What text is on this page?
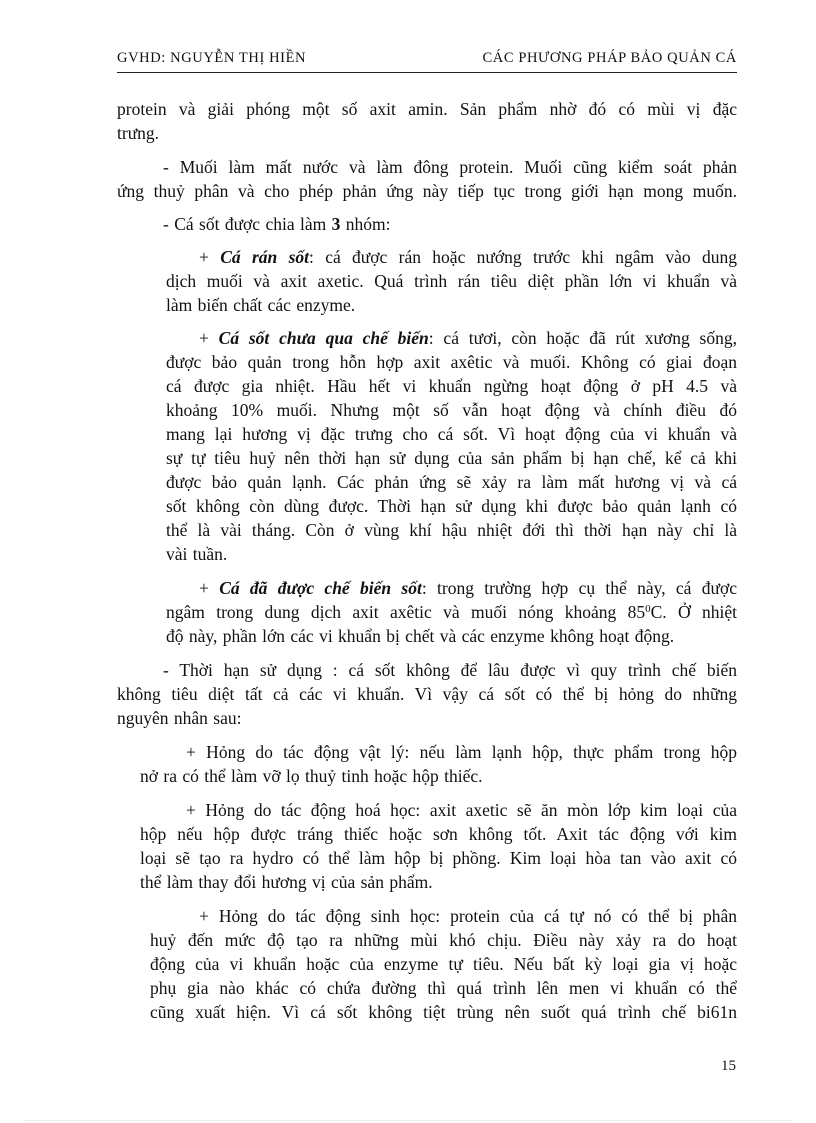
GVHD: NGUYỄN THỊ HIỀN	CÁC PHƯƠNG PHÁP BẢO QUẢN CÁ
protein và giải phóng một số axit amin. Sản phẩm nhờ đó có mùi vị đặc
trưng.
- Muối làm mất nước và làm đông protein. Muối cũng kiểm soát phản
ứng thuỷ phân và cho phép phản ứng này tiếp tục trong giới hạn mong muốn.
- Cá sốt được chia làm 3 nhóm:
+ Cá rán sốt: cá được rán hoặc nướng trước khi ngâm vào dung
dịch muối và axit axetic. Quá trình rán tiêu diệt phần lớn vi khuẩn và
làm biến chất các enzyme.
+ Cá sốt chưa qua chế biến: cá tươi, còn hoặc đã rút xương sống,
được bảo quản trong hỗn hợp axit axêtic và muối. Không có giai đoạn
cá được gia nhiệt. Hầu hết vi khuẩn ngừng hoạt động ở pH 4.5 và
khoảng 10% muối. Nhưng một số vẫn hoạt động và chính điều đó
mang lại hương vị đặc trưng cho cá sốt. Vì hoạt động của vi khuẩn và
sự tự tiêu huỷ nên thời hạn sử dụng của sản phẩm bị hạn chế, kể cả khi
được bảo quản lạnh. Các phản ứng sẽ xảy ra làm mất hương vị và cá
sốt không còn dùng được. Thời hạn sử dụng khi được bảo quản lạnh có
thể là vài tháng. Còn ở vùng khí hậu nhiệt đới thì thời hạn này chỉ là
vài tuần.
+ Cá đã được chế biến sốt: trong trường hợp cụ thể này, cá được
ngâm trong dung dịch axit axêtic và muối nóng khoảng $85^0C$. Ở nhiệt
độ này, phần lớn các vi khuẩn bị chết và các enzyme không hoạt động.
- Thời hạn sử dụng : cá sốt không để lâu được vì quy trình chế biến
không tiêu diệt tất cả các vi khuẩn. Vì vậy cá sốt có thể bị hỏng do những
nguyên nhân sau:
+ Hỏng do tác động vật lý: nếu làm lạnh hộp, thực phẩm trong hộp
nở ra có thể làm vỡ lọ thuỷ tinh hoặc hộp thiếc.
+ Hỏng do tác động hoá học: axit axetic sẽ ăn mòn lớp kim loại của
hộp nếu hộp được tráng thiếc hoặc sơn không tốt. Axit tác động với kim
loại sẽ tạo ra hydro có thể làm hộp bị phồng. Kim loại hòa tan vào axit có
thể làm thay đổi hương vị của sản phẩm.
+ Hỏng do tác động sinh học: protein của cá tự nó có thể bị phân
huỷ đến mức độ tạo ra những mùi khó chịu. Điều này xảy ra do hoạt
động của vi khuẩn hoặc của enzyme tự tiêu. Nếu bất kỳ loại gia vị hoặc
phụ gia nào khác có chứa đường thì quá trình lên men vi khuẩn có thể
cũng xuất hiện. Vì cá sốt không tiệt trùng nên suốt quá trình chế bi61n
15
